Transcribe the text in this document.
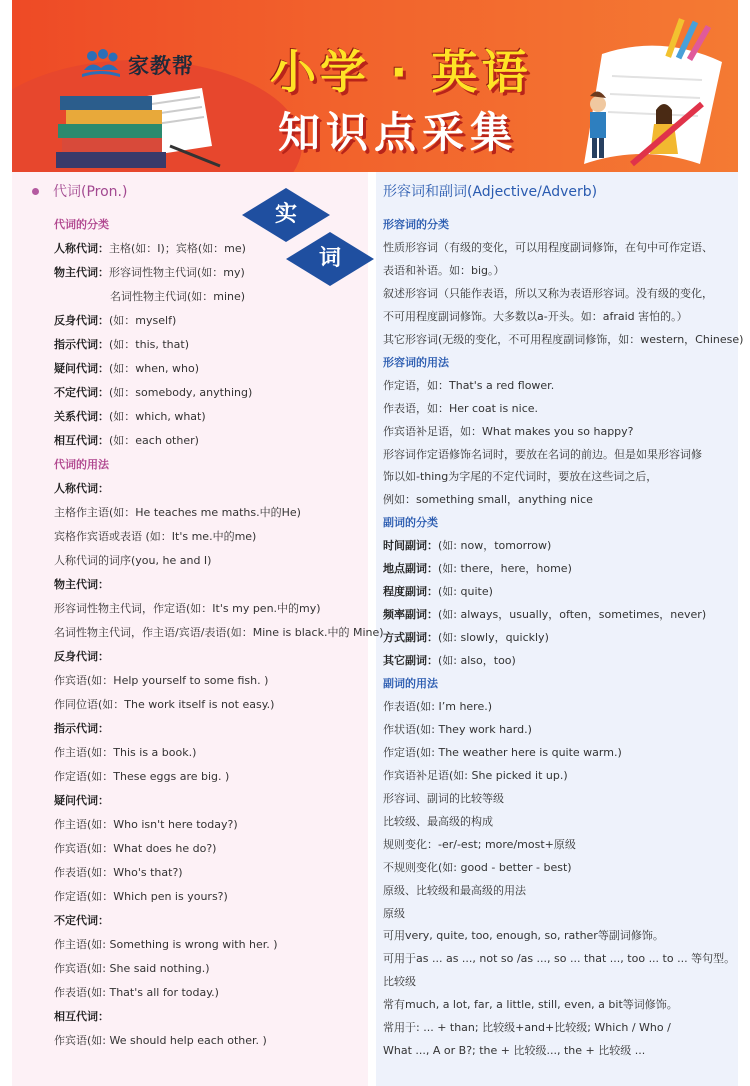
家教帮 小学 · 英语
知识点采集
实
词
代词(Pron.)	形容词和副词(Adjective/Adverb)
代词的分类
人称代词：主格(如：I)；宾格(如：me)
物主代词：形容词性物主代词(如：my)
名词性物主代词(如：mine)
反身代词：(如：myself)
指示代词：(如：this, that)
疑问代词：(如：when, who)
不定代词：(如：somebody, anything)
关系代词：(如：which, what)
相互代词：(如：each other)
代词的用法
人称代词：
主格作主语(如：He teaches me maths.中的He)
宾格作宾语或表语 (如：It's me.中的me)
人称代词的词序(you, he and I)
物主代词：
形容词性物主代词，作定语(如：It's my pen.中的my)
名词性物主代词，作主语/宾语/表语(如：Mine is black.中的 Mine)
反身代词：
作宾语(如：Help yourself to some fish. )
作同位语(如：The work itself is not easy.)
指示代词：
作主语(如：This is a book.)
作定语(如：These eggs are big. )
疑问代词：
作主语(如：Who isn't here today?)
作宾语(如：What does he do?)
作表语(如：Who's that?)
作定语(如：Which pen is yours?)
不定代词：
作主语(如: Something is wrong with her. )
作宾语(如: She said nothing.)
作表语(如: That's all for today.)
相互代词：
作宾语(如: We should help each other. )
形容词的分类
性质形容词（有级的变化，可以用程度副词修饰，在句中可作定语、
表语和补语。如：big。）
叙述形容词（只能作表语，所以又称为表语形容词。没有级的变化，
不可用程度副词修饰。大多数以a-开头。如：afraid 害怕的。）
其它形容词(无级的变化，不可用程度副词修饰，如：western，Chinese)
形容词的用法
作定语，如：That's a red flower.
作表语，如：Her coat is nice.
作宾语补足语，如：What makes you so happy?
形容词作定语修饰名词时，要放在名词的前边。但是如果形容词修
饰以如-thing为字尾的不定代词时，要放在这些词之后，
例如：something small，anything nice
副词的分类
时间副词：(如: now，tomorrow)
地点副词：(如: there，here，home)
程度副词：(如: quite)
频率副词：(如: always，usually，often，sometimes，never)
方式副词：(如: slowly，quickly)
其它副词：(如: also，too)
副词的用法
作表语(如: I’m here.)
作状语(如: They work hard.)
作定语(如: The weather here is quite warm.)
作宾语补足语(如: She picked it up.)
形容词、副词的比较等级
比较级、最高级的构成
规则变化：-er/-est; more/most+原级
不规则变化(如: good - better - best)
原级、比较级和最高级的用法
原级
可用very, quite, too, enough, so, rather等副词修饰。
可用于as ... as ..., not so /as ..., so ... that ..., too ... to ... 等句型。
比较级
常有much, a lot, far, a little, still, even, a bit等词修饰。
常用于: ... + than; 比较级+and+比较级; Which / Who /
What ..., A or B?; the + 比较级..., the + 比较级 ...
